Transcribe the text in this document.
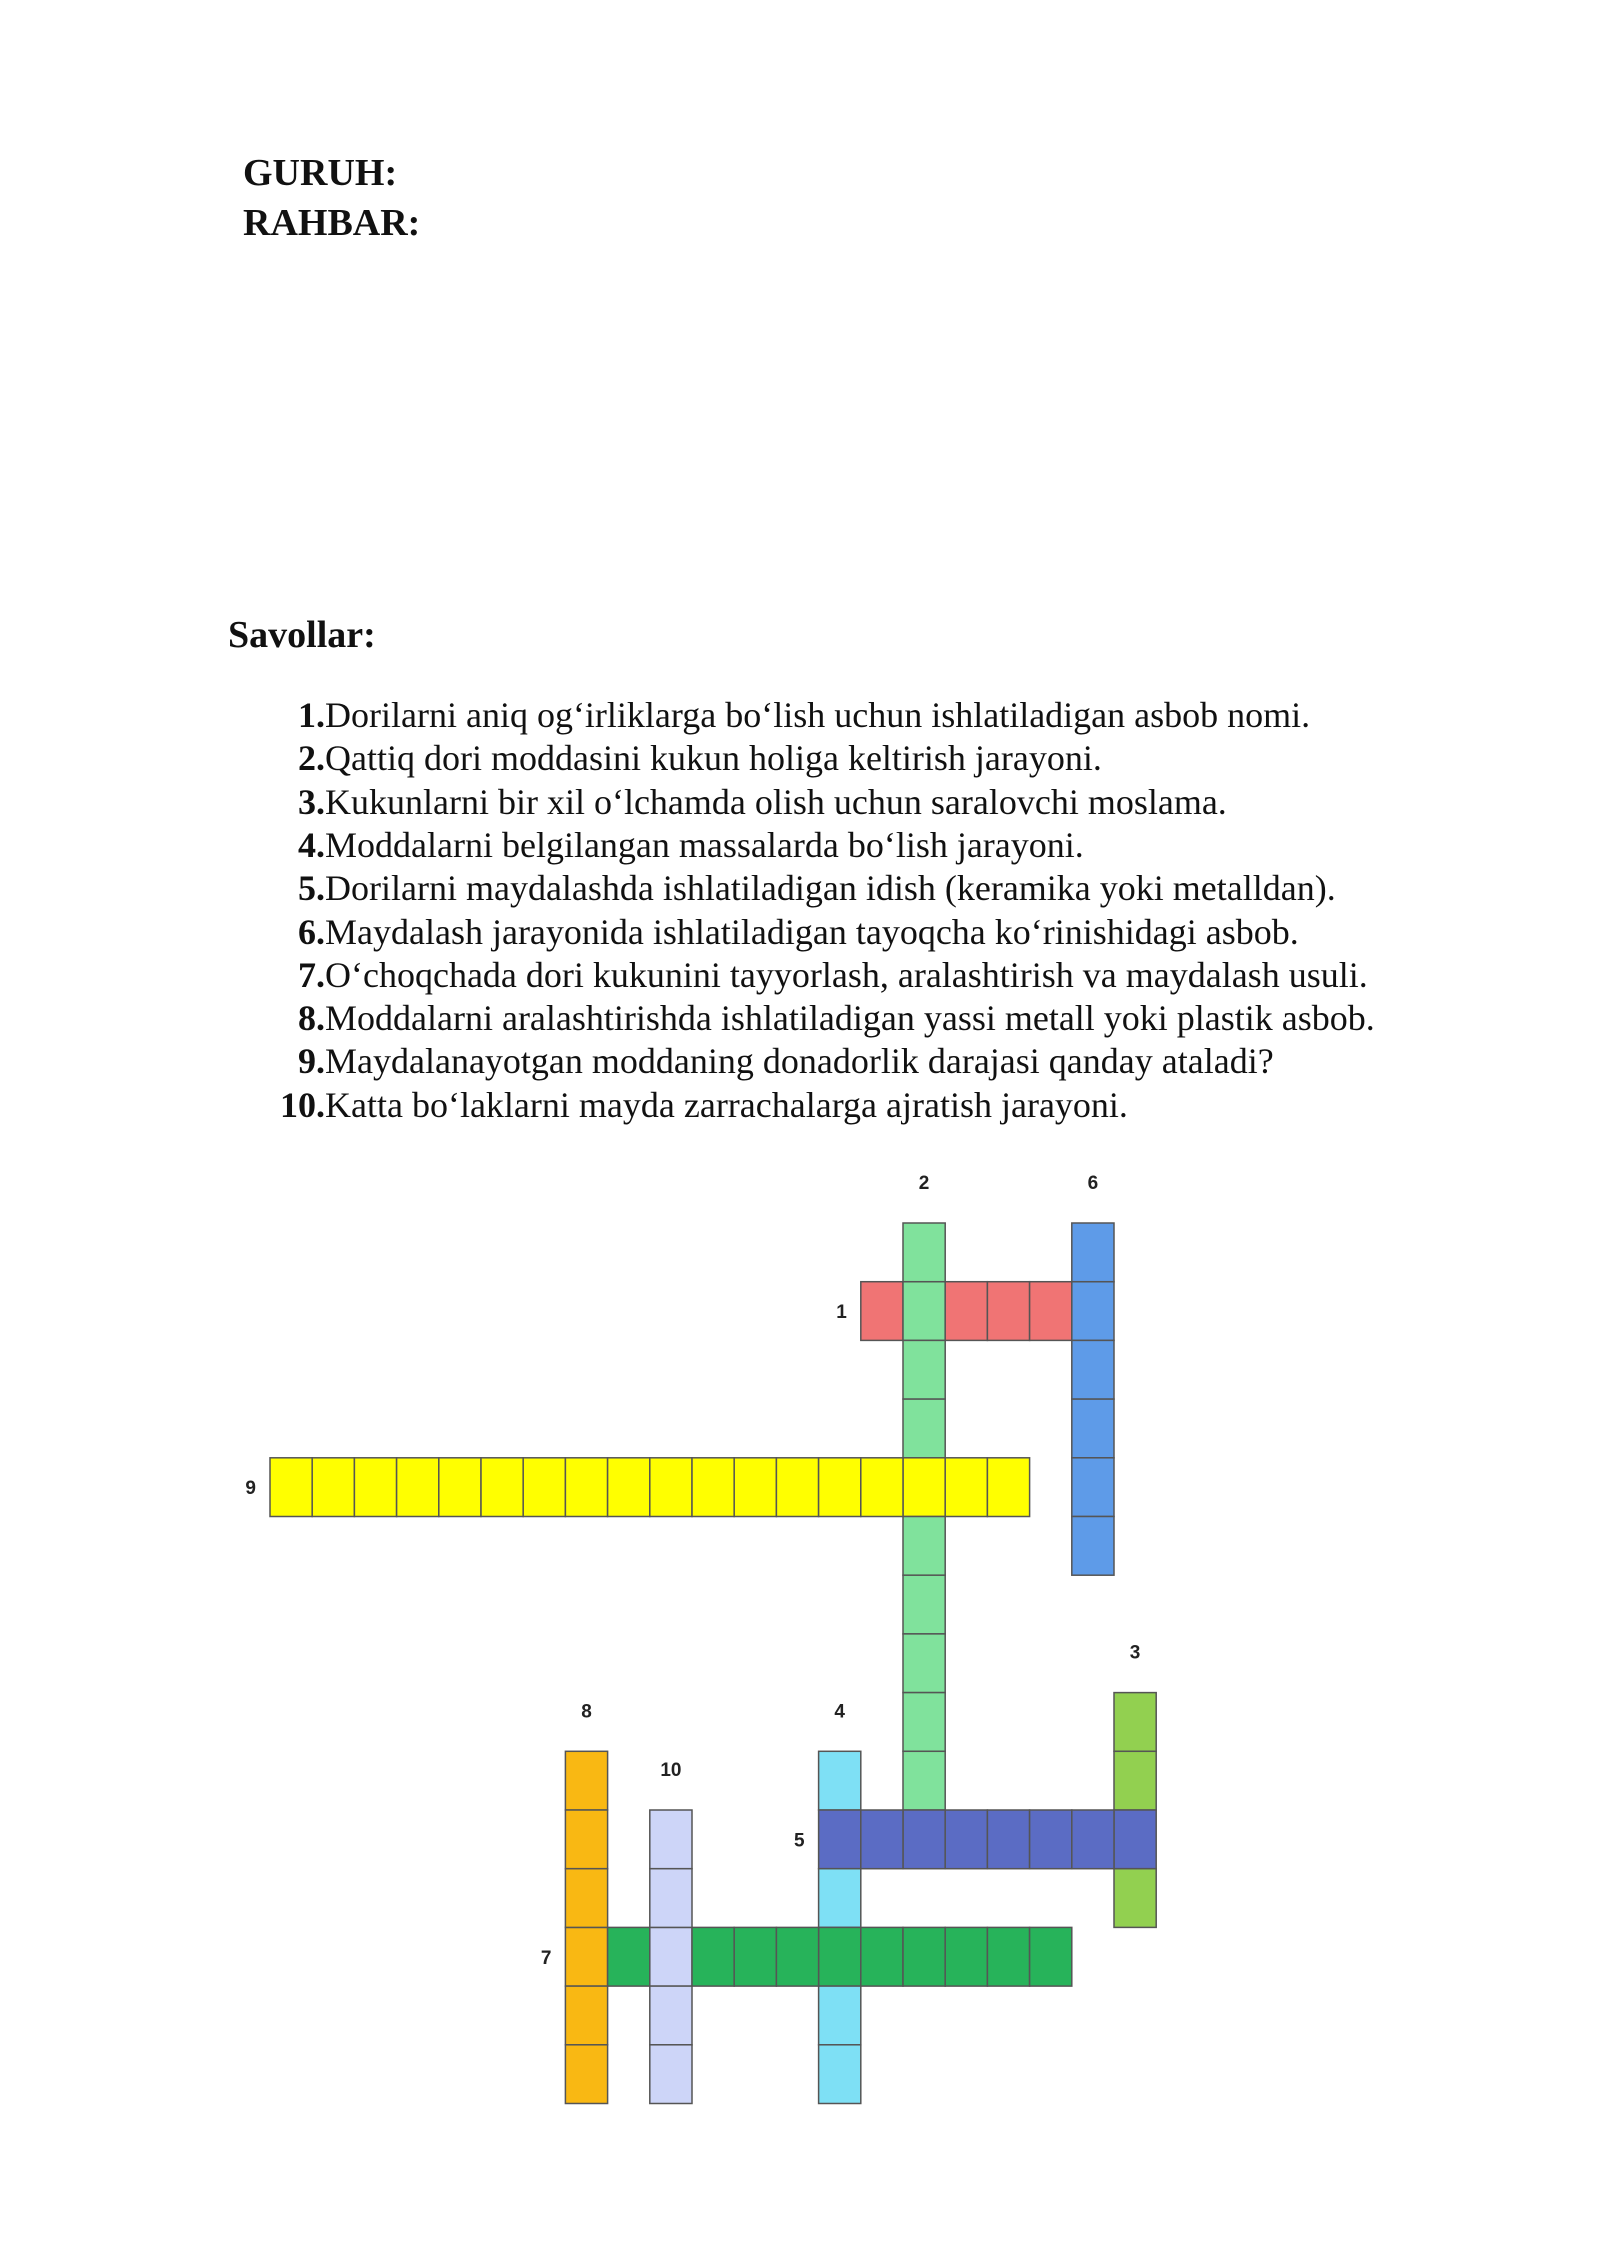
GURUH:
RAHBAR:
Savollar:
1. Dorilarni aniq og‘irliklarga bo‘lish uchun ishlatiladigan asbob nomi.
2. Qattiq dori moddasini kukun holiga keltirish jarayoni.
3. Kukunlarni bir xil o‘lchamda olish uchun saralovchi moslama.
4. Moddalarni belgilangan massalarda bo‘lish jarayoni.
5. Dorilarni maydalashda ishlatiladigan idish (keramika yoki metalldan).
6. Maydalash jarayonida ishlatiladigan tayoqcha ko‘rinishidagi asbob.
7. O‘choqchada dori kukunini tayyorlash, aralashtirish va maydalash usuli.
8. Moddalarni aralashtirishda ishlatiladigan yassi metall yoki plastik asbob.
9. Maydalanayotgan moddaning donadorlik darajasi qanday ataladi?
10. Katta bo‘laklarni mayda zarrachalarga ajratish jarayoni.
1
2
3
4
5
6
7
8
9
10
